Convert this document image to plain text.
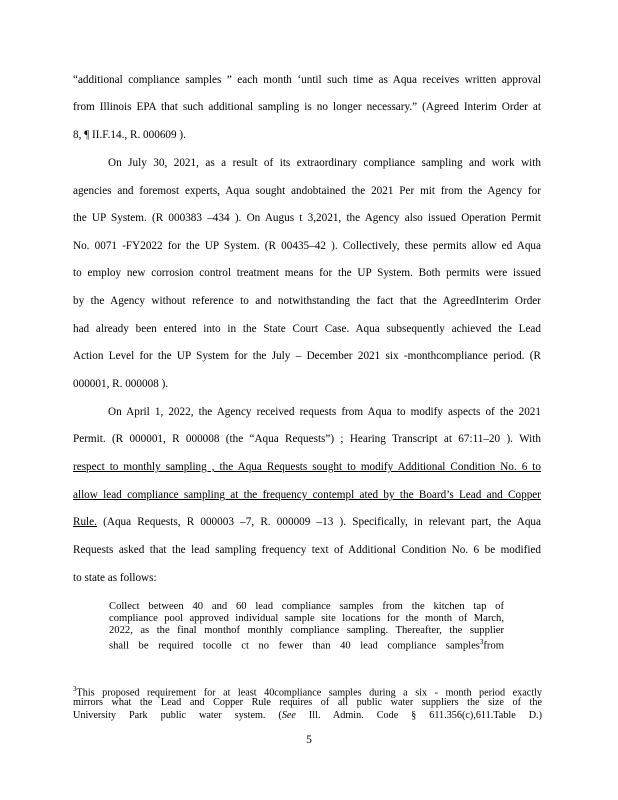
“additional compliance samples ” each month ‘until such time as Aqua receives written approval
from Illinois EPA that such additional sampling is no longer necessary.” (Agreed Interim Order at
8, ¶ II.F.14., R. 000609 ).
On July 30, 2021, as a result of its extraordinary compliance sampling and work with
agencies and foremost experts, Aqua sought andobtained the 2021 Per mit from the Agency for
the UP System. (R 000383 –434 ). On Augus t 3,2021, the Agency also issued Operation Permit
No. 0071 -FY2022 for the UP System. (R 00435–42 ). Collectively, these permits allow ed Aqua
to employ new corrosion control treatment means for the UP System. Both permits were issued
by the Agency without reference to and notwithstanding the fact that the AgreedInterim Order
had already been entered into in the State Court Case. Aqua subsequently achieved the Lead
Action Level for the UP System for the July – December 2021 six -monthcompliance period. (R
000001, R. 000008 ).
On April 1, 2022, the Agency received requests from Aqua to modify aspects of the 2021
Permit. (R 000001, R 000008 (the “Aqua Requests”) ; Hearing Transcript at 67:11–20 ). With
respect to monthly sampling , the Aqua Requests sought to modify Additional Condition No. 6 to
allow lead compliance sampling at the frequency contempl ated by the Board’s Lead and Copper
Rule. (Aqua Requests, R 000003 –7, R. 000009 –13 ). Specifically, in relevant part, the Aqua
Requests asked that the lead sampling frequency text of Additional Condition No. 6 be modified
to state as follows:
Collect between 40 and 60 lead compliance samples from the kitchen tap of
compliance pool approved individual sample site locations for the month of March,
2022, as the final monthof monthly compliance sampling. Thereafter, the supplier
shall be required tocolle ct no fewer than 40 lead compliance samples$^3$from
$^3$This proposed requirement for at least 40compliance samples during a six - month period exactly
mirrors what the Lead and Copper Rule requires of all public water suppliers the size of the
University Park public water system. (See Ill. Admin. Code § 611.356(c),611.Table D.)
5
